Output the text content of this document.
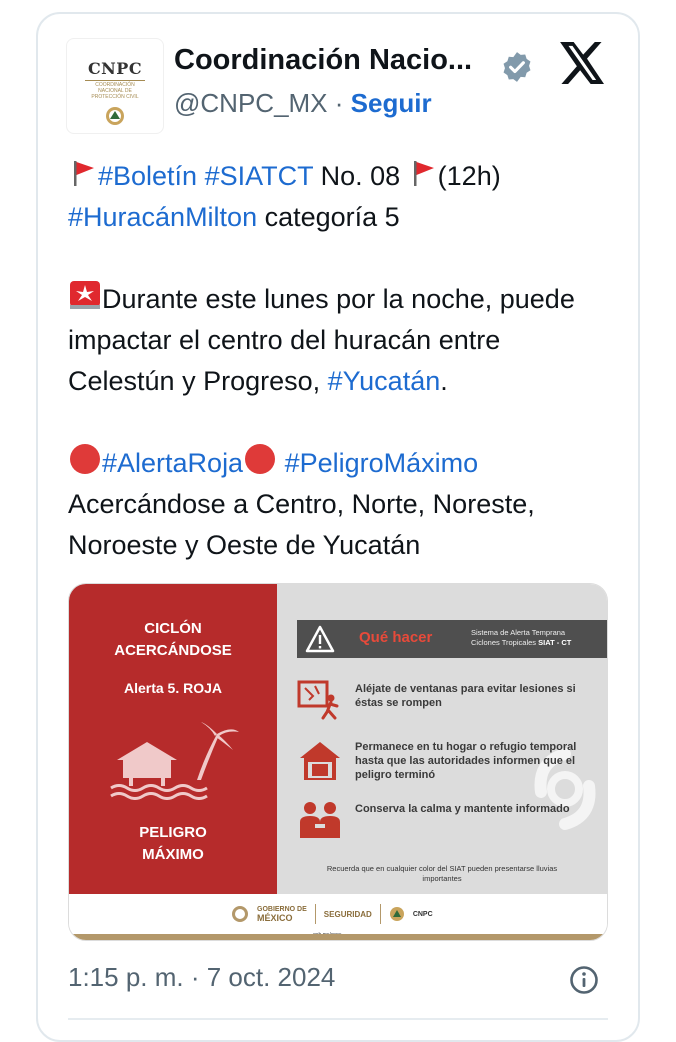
CNPC
COORDINACIÓN NACIONAL DE PROTECCIÓN CIVIL
Coordinación Nacio...
@CNPC_MX · Seguir

#Boletín #SIATCT No. 08 (12h)

#HuracánMilton categoría 5

Durante este lunes por la noche, puede impactar el centro del huracán entre Celestún y Progreso, #Yucatán.

#AlertaRoja #PeligroMáximo
Acercándose a Centro, Norte, Noreste, Noroeste y Oeste de Yucatán

CICLÓN
ACERCÁNDOSE
Alerta 5. ROJA
PELIGRO
MÁXIMO
Qué hacer	Sistema de Alerta Temprana
Ciclones Tropicales SIAT - CT
Aléjate de ventanas para evitar lesiones si éstas se rompen
Permanece en tu hogar o refugio temporal hasta que las autoridades informen que el peligro terminó
Conserva la calma y mantente informado
Recuerda que en cualquier color del SIAT pueden presentarse lluvias importantes
GOBIERNO DE
MÉXICO	SEGURIDAD	CNPC
1:15 p. m. · 7 oct. 2024
